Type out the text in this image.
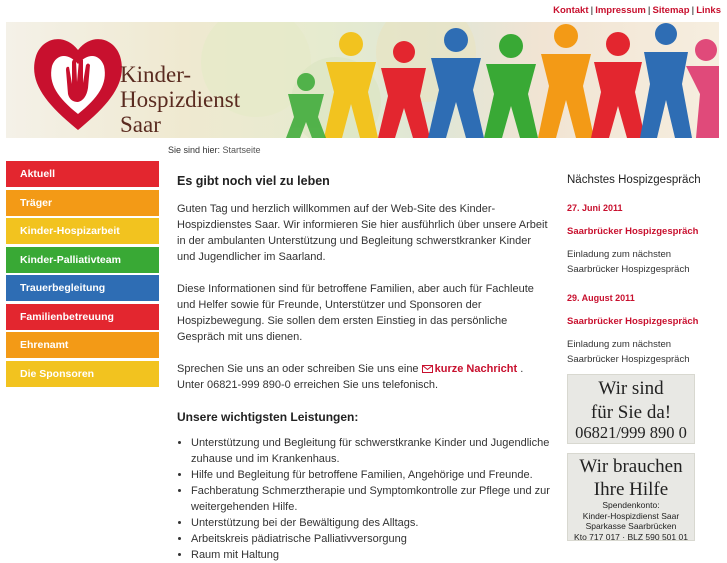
Kontakt | Impressum | Sitemap | Links
Kinder-
Hospizdienst
Saar
Sie sind hier: Startseite
Aktuell
Träger
Kinder-Hospizarbeit
Kinder-Palliativteam
Trauerbegleitung
Familienbetreuung
Ehrenamt
Die Sponsoren
Es gibt noch viel zu leben

Guten Tag und herzlich willkommen auf der Web-Site des Kinder-Hospizdienstes Saar. Wir informieren Sie hier ausführlich über unsere Arbeit in der ambulanten Unterstützung und Begleitung schwerstkranker Kinder und Jugendlicher im Saarland.

Diese Informationen sind für betroffene Familien, aber auch für Fachleute und Helfer sowie für Freunde, Unterstützer und Sponsoren der Hospizbewegung. Sie sollen dem ersten Einstieg in das persönliche Gespräch mit uns dienen.

Sprechen Sie uns an oder schreiben Sie uns eine kurze Nachricht . Unter 06821-999 890-0 erreichen Sie uns telefonisch.

Unsere wichtigsten Leistungen:
• Unterstützung und Begleitung für schwerstkranke Kinder und Jugendliche zuhause und im Krankenhaus.
• Hilfe und Begleitung für betroffene Familien, Angehörige und Freunde.
• Fachberatung Schmerztherapie und Symptomkontrolle zur Pflege und zur weitergehenden Hilfe.
• Unterstützung bei der Bewältigung des Alltags.
• Arbeitskreis pädiatrische Palliativversorgung
• Raum mit Haltung
Nächstes Hospizgespräch
27. Juni 2011
Saarbrücker Hospizgespräch
Einladung zum nächsten Saarbrücker Hospizgespräch
29. August 2011
Saarbrücker Hospizgespräch
Einladung zum nächsten Saarbrücker Hospizgespräch
Wir sind
für Sie da!
06821/999 890 0
Wir brauchen
Ihre Hilfe
Spendenkonto:
Kinder-Hospizdienst Saar
Sparkasse Saarbrücken
Kto 717 017 · BLZ 590 501 01
